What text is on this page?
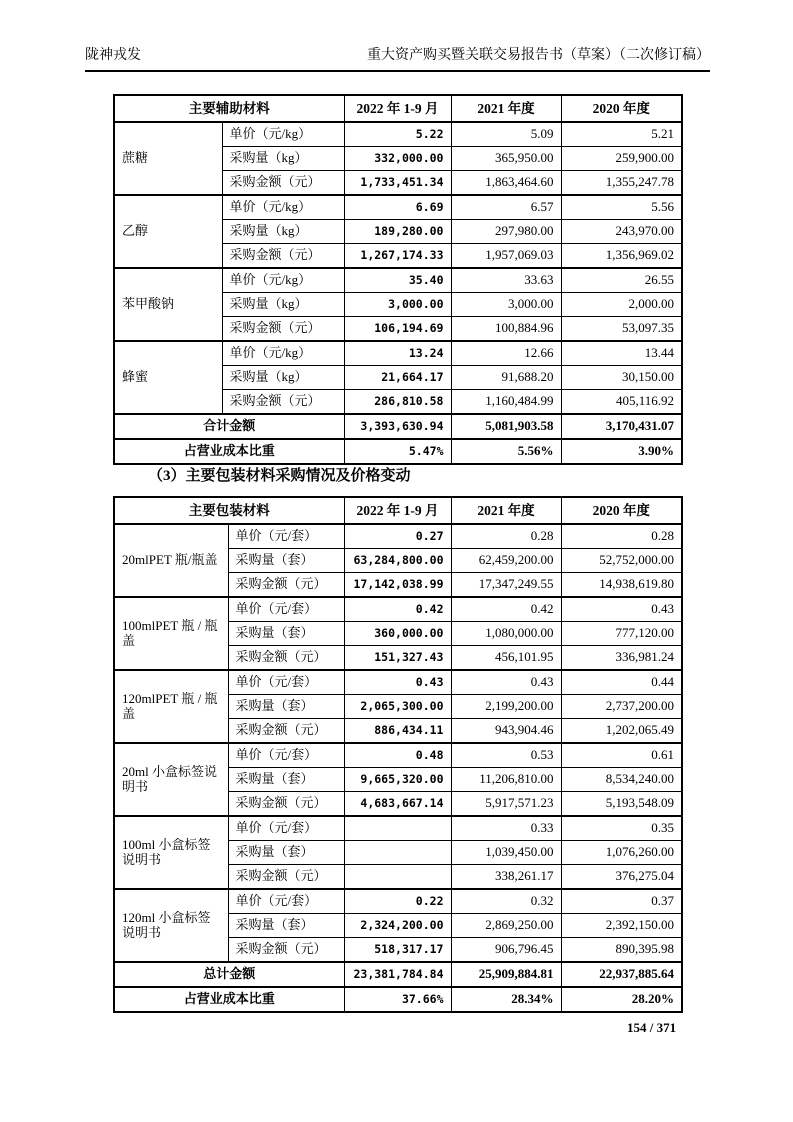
陇神戎发	重大资产购买暨关联交易报告书（草案）（二次修订稿）
主要辅助材料		2022 年 1-9 月	2021 年度	2020 年度
蔗糖	单价（元/kg）	5.22	5.09	5.21
	采购量（kg）	332,000.00	365,950.00	259,900.00
	采购金额（元）	1,733,451.34	1,863,464.60	1,355,247.78
乙醇	单价（元/kg）	6.69	6.57	5.56
	采购量（kg）	189,280.00	297,980.00	243,970.00
	采购金额（元）	1,267,174.33	1,957,069.03	1,356,969.02
苯甲酸钠	单价（元/kg）	35.40	33.63	26.55
	采购量（kg）	3,000.00	3,000.00	2,000.00
	采购金额（元）	106,194.69	100,884.96	53,097.35
蜂蜜	单价（元/kg）	13.24	12.66	13.44
	采购量（kg）	21,664.17	91,688.20	30,150.00
	采购金额（元）	286,810.58	1,160,484.99	405,116.92
合计金额		3,393,630.94	5,081,903.58	3,170,431.07
占营业成本比重		5.47%	5.56%	3.90%
（3）主要包装材料采购情况及价格变动
主要包装材料		2022 年 1-9 月	2021 年度	2020 年度
20mlPET 瓶/瓶盖	单价（元/套）	0.27	0.28	0.28
	采购量（套）	63,284,800.00	62,459,200.00	52,752,000.00
	采购金额（元）	17,142,038.99	17,347,249.55	14,938,619.80
100mlPET 瓶 / 瓶盖	单价（元/套）	0.42	0.42	0.43
	采购量（套）	360,000.00	1,080,000.00	777,120.00
	采购金额（元）	151,327.43	456,101.95	336,981.24
120mlPET 瓶 / 瓶盖	单价（元/套）	0.43	0.43	0.44
	采购量（套）	2,065,300.00	2,199,200.00	2,737,200.00
	采购金额（元）	886,434.11	943,904.46	1,202,065.49
20ml 小盒标签说明书	单价（元/套）	0.48	0.53	0.61
	采购量（套）	9,665,320.00	11,206,810.00	8,534,240.00
	采购金额（元）	4,683,667.14	5,917,571.23	5,193,548.09
100ml 小盒标签说明书	单价（元/套）		0.33	0.35
	采购量（套）		1,039,450.00	1,076,260.00
	采购金额（元）		338,261.17	376,275.04
120ml 小盒标签说明书	单价（元/套）	0.22	0.32	0.37
	采购量（套）	2,324,200.00	2,869,250.00	2,392,150.00
	采购金额（元）	518,317.17	906,796.45	890,395.98
总计金额		23,381,784.84	25,909,884.81	22,937,885.64
占营业成本比重		37.66%	28.34%	28.20%
154 / 371
